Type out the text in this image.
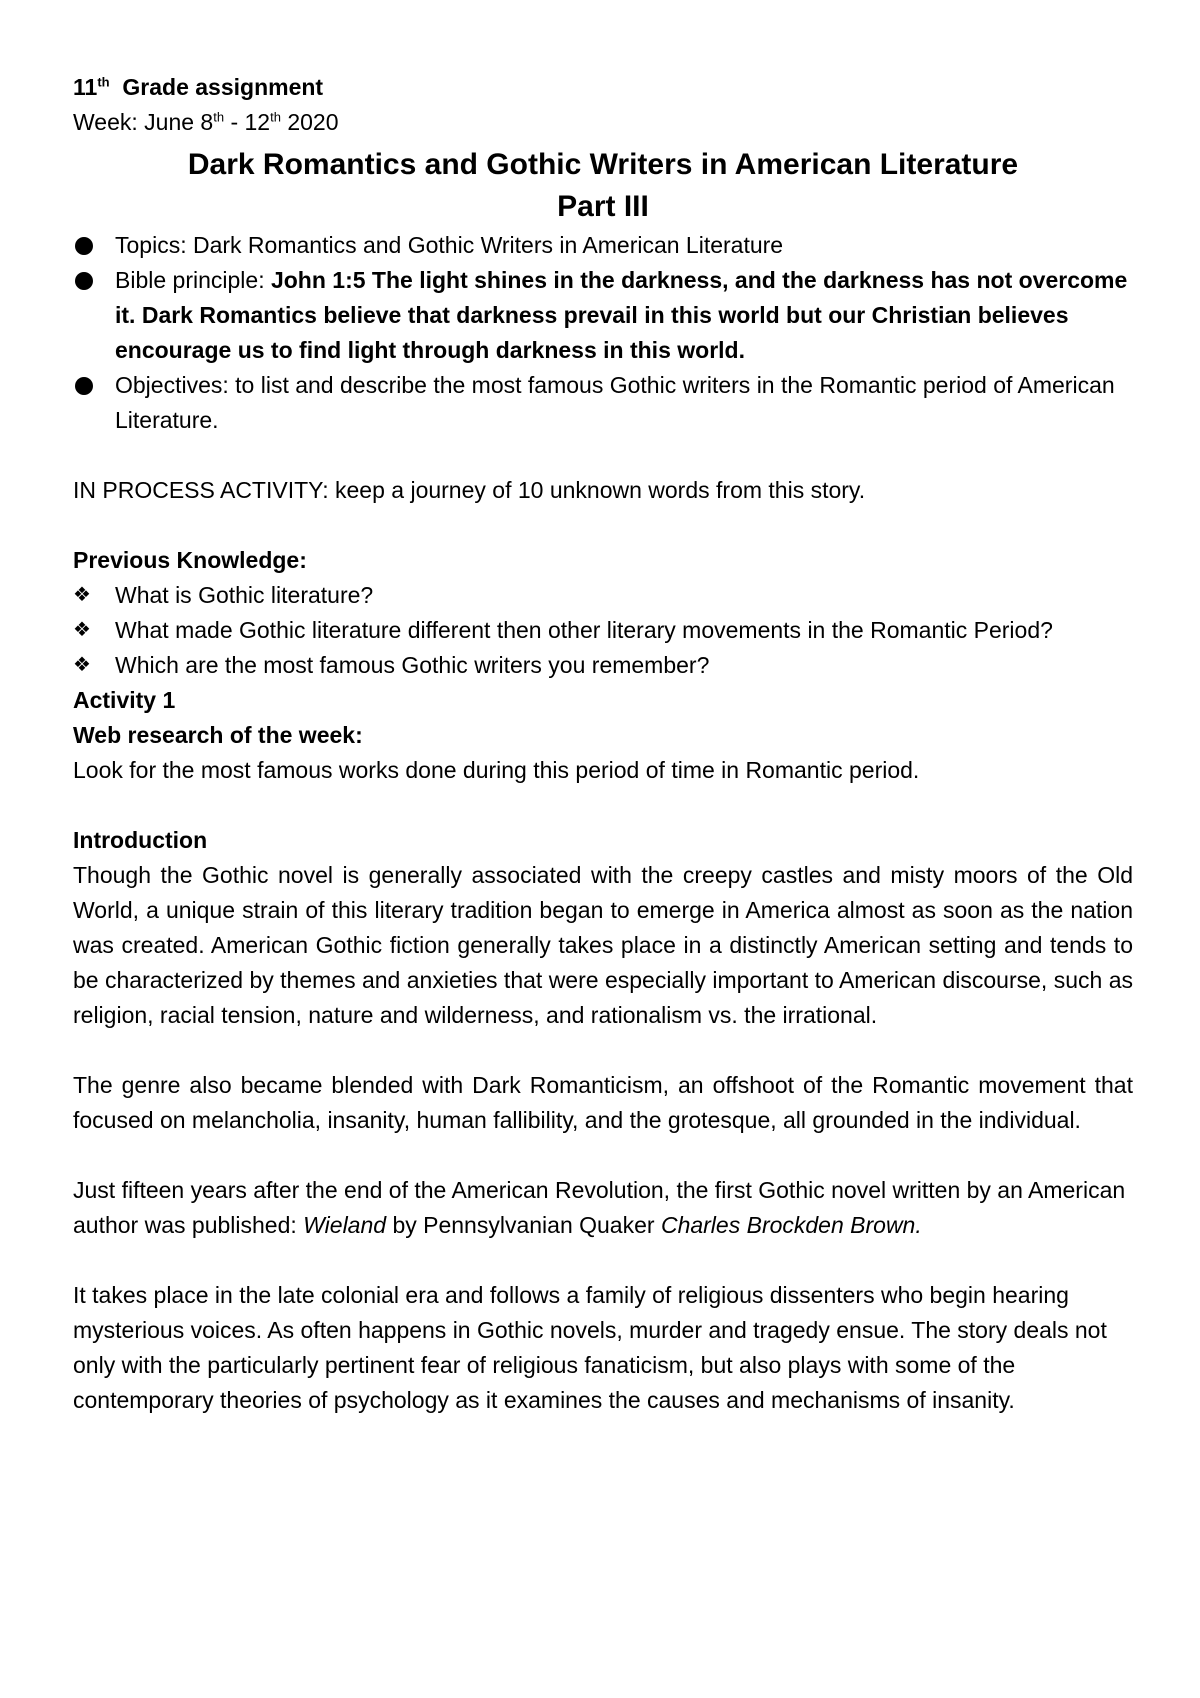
11th Grade assignment

Week: June 8th - 12th 2020

Dark Romantics and Gothic Writers in American Literature

Part III

Topics: Dark Romantics and Gothic Writers in American Literature
Bible principle: John 1:5 The light shines in the darkness, and the darkness has not overcome it. Dark Romantics believe that darkness prevail in this world but our Christian believes encourage us to find light through darkness in this world.
Objectives: to list and describe the most famous Gothic writers in the Romantic period of American Literature.

IN PROCESS ACTIVITY: keep a journey of 10 unknown words from this story.

Previous Knowledge:

❖ What is Gothic literature?
❖ What made Gothic literature different then other literary movements in the Romantic Period?
❖ Which are the most famous Gothic writers you remember?

Activity 1

Web research of the week:

Look for the most famous works done during this period of time in Romantic period.

Introduction

Though the Gothic novel is generally associated with the creepy castles and misty moors of the Old World, a unique strain of this literary tradition began to emerge in America almost as soon as the nation was created. American Gothic fiction generally takes place in a distinctly American setting and tends to be characterized by themes and anxieties that were especially important to American discourse, such as religion, racial tension, nature and wilderness, and rationalism vs. the irrational.

The genre also became blended with Dark Romanticism, an offshoot of the Romantic movement that focused on melancholia, insanity, human fallibility, and the grotesque, all grounded in the individual.

Just fifteen years after the end of the American Revolution, the first Gothic novel written by an American author was published: Wieland by Pennsylvanian Quaker Charles Brockden Brown.

It takes place in the late colonial era and follows a family of religious dissenters who begin hearing mysterious voices. As often happens in Gothic novels, murder and tragedy ensue. The story deals not only with the particularly pertinent fear of religious fanaticism, but also plays with some of the contemporary theories of psychology as it examines the causes and mechanisms of insanity.
